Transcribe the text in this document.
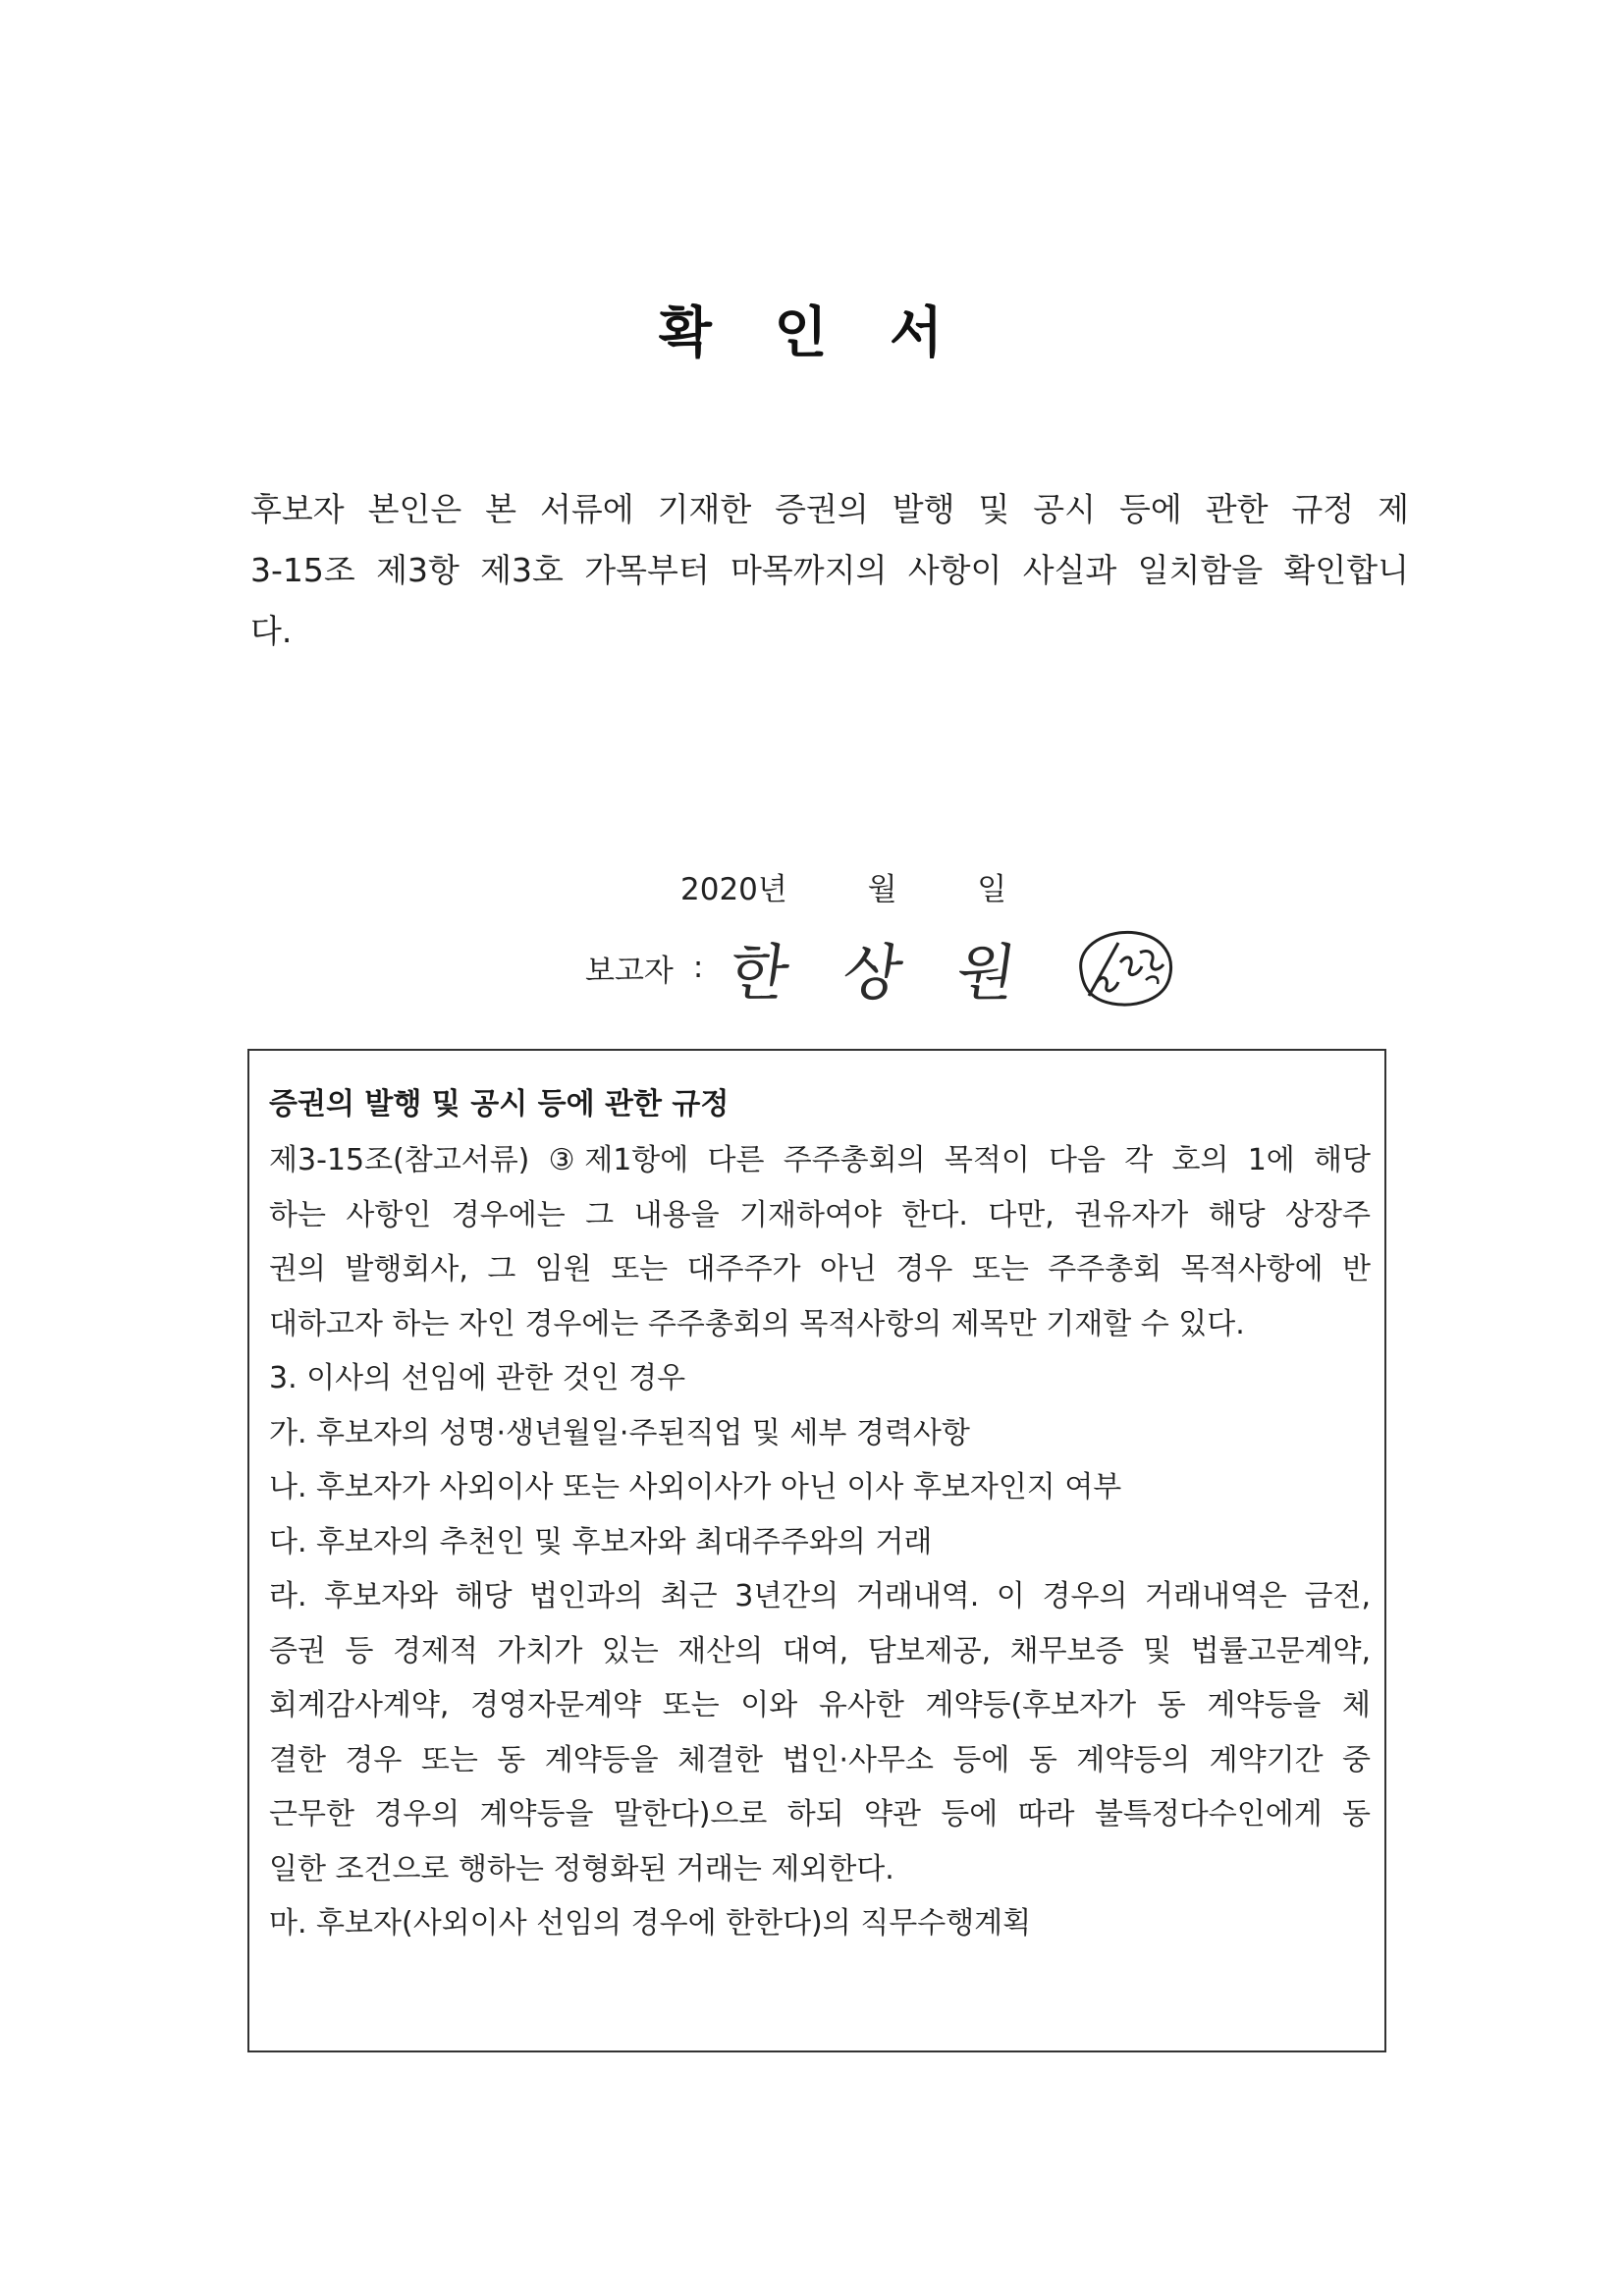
확 인 서
후보자 본인은 본 서류에 기재한 증권의 발행 및 공시 등에 관한 규정 제
3-15조 제3항 제3호 가목부터 마목까지의 사항이 사실과 일치함을 확인합니
다.
2020년	월	일
보고자 : 한 상 원
증권의 발행 및 공시 등에 관한 규정
제3-15조(참고서류) ③제1항에 다른 주주총회의 목적이 다음 각 호의 1에 해당
하는 사항인 경우에는 그 내용을 기재하여야 한다. 다만, 권유자가 해당 상장주
권의 발행회사, 그 임원 또는 대주주가 아닌 경우 또는 주주총회 목적사항에 반
대하고자 하는 자인 경우에는 주주총회의 목적사항의 제목만 기재할 수 있다.
3. 이사의 선임에 관한 것인 경우
가. 후보자의 성명·생년월일·주된직업 및 세부 경력사항
나. 후보자가 사외이사 또는 사외이사가 아닌 이사 후보자인지 여부
다. 후보자의 추천인 및 후보자와 최대주주와의 거래
라. 후보자와 해당 법인과의 최근 3년간의 거래내역. 이 경우의 거래내역은 금전,
증권 등 경제적 가치가 있는 재산의 대여, 담보제공, 채무보증 및 법률고문계약,
회계감사계약, 경영자문계약 또는 이와 유사한 계약등(후보자가 동 계약등을 체
결한 경우 또는 동 계약등을 체결한 법인·사무소 등에 동 계약등의 계약기간 중
근무한 경우의 계약등을 말한다)으로 하되 약관 등에 따라 불특정다수인에게 동
일한 조건으로 행하는 정형화된 거래는 제외한다.
마. 후보자(사외이사 선임의 경우에 한한다)의 직무수행계획
